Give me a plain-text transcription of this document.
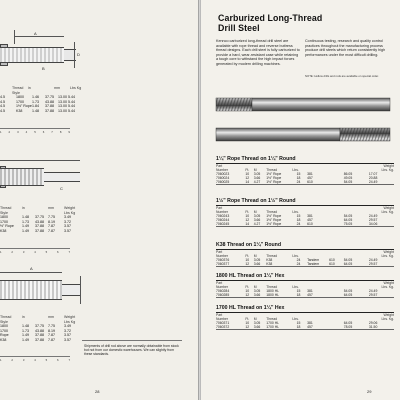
A
B
D
Thread	in	mm	Lbs Kg
Style
4.5	1800	1.46	37.75	13.00 5.44
4.5	1700	1.73	43.88	13.00 5.44
4.5	1½" Rope 1.84	37.88	13.00 5.44
4.5	K38	1.48	37.88	13.00 5.44
1 2 3 4 5 6 7 8 9
C
Thread	in	mm	Weight
Style	Lbs Kg
1800	1.48	37.75	7.75	3.49
1700	1.73	43.88	8.19	3.72
½" Rope	1.49	37.88	7.87	3.57
K38	1.49	37.88	7.87	3.57
1	2	3	4	5	6	7
A
Thread	in	mm	Weight
Style	Lbs Kg
1800	1.48	37.75	7.75	3.49
1700	1.73	43.88	8.19	3.72
Rope	1.49	37.88	7.87	3.57
K38	1.49	37.88	7.87	3.57
1	2	3	4	5	6	7
Shipments of drill rod above are normally obtainable from stock but not from our domestic warehouses. We can slightly from these standards.
28
Carburized Long-Thread
Drill Steel
Kennco carburized long-thread drill steel are available with rope thread and reverse buttress thread designs. Each drill steel is fully carburized to provide a hard, wear-resistant case while retaining a tough core to withstand the high impact forces generated by modern drilling machines.
Continuous testing, research and quality control practices throughout the manufacturing process produce drill steels which return consistently high performances under the most difficult drilling.
NOTE: Hollow drills and rods are available on special order.
1¼" Rope Thread on 1¼" Round
Part										Weight	
Number	Ft.	M	Thread	Lbs.						Lbs. Kg.	
7060023	10	3.05	1½" Rope		15	381				86.05	17.07
7060024	12	3.66	1½" Rope		18	457				49.05	20.88
7060025	14	4.27	1½" Rope		24	610				54.05	24.49
1½" Rope Thread on 1½" Round
Part										Weight	
Number	Ft.	M	Thread	Lbs.						Lbs. Kg.	
7060243	10	3.05	1½" Rope		15	381				54.05	24.49
7060244	12	3.66	1½" Rope		18	457				64.05	29.57
7060245	14	4.27	1½" Rope		24	610				75.05	34.06
K38 Thread on 1¼" Round
Part										Weight	
Number	Ft.	M	Thread	Lbs.						Lbs. Kg.	
7060376	10	3.05	K38		24	Tandem		610		54.05	24.49
7060377	12	3.66	K38		24	Tandem		610		64.05	29.57
1800 HL Thread on 1¼" Hex
Part										Weight	
Number	Ft.	M	Thread	Lbs.						Lbs. Kg.	
7060284	10	3.05	1800 HL		15	381				54.05	24.49
7060285	12	3.66	1800 HL		18	457				64.05	29.57
1700 HL Thread on 1¼" Hex
Part										Weight	
Number	Ft.	M	Thread	Lbs.						Lbs. Kg.	
7060371	10	3.05	1700 HL		15	381				64.05	29.06
7060372	12	3.66	1700 HL		18	457				78.05	31.50
29
